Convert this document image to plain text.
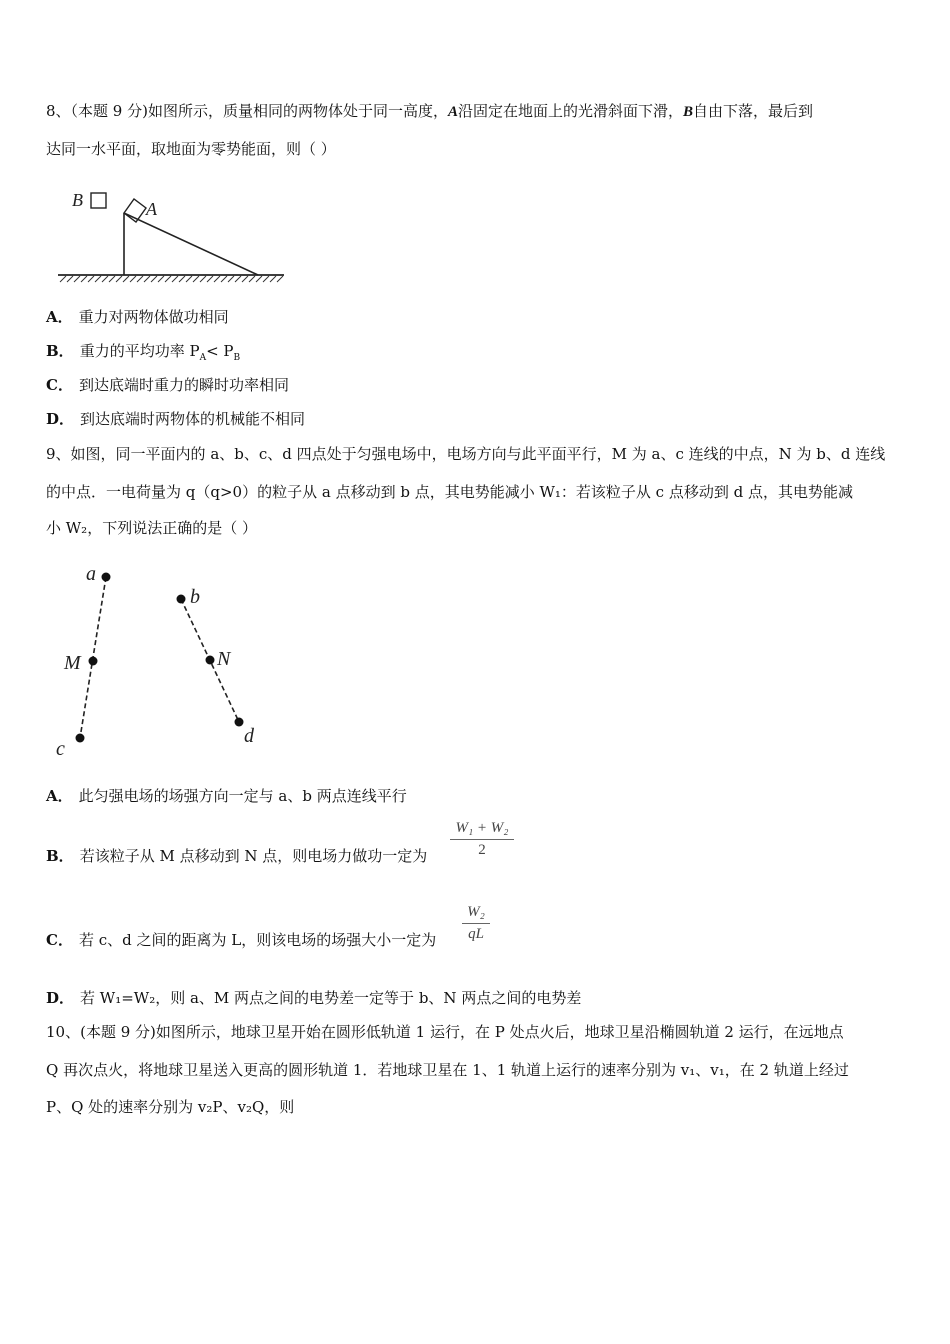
8、（本题 9 分)如图所示，质量相同的两物体处于同一高度，A沿固定在地面上的光滑斜面下滑，B自由下落，最后到
达同一水平面，取地面为零势能面，则（ ）
B	A
A． 重力对两物体做功相同
B． 重力的平均功率 $P_A< P_B$
C． 到达底端时重力的瞬时功率相同
D． 到达底端时两物体的机械能不相同
9、如图，同一平面内的 a、b、c、d 四点处于匀强电场中，电场方向与此平面平行，M 为 a、c 连线的中点，N 为 b、d 连线
的中点．一电荷量为 q（q>0）的粒子从 a 点移动到 b 点，其电势能减小 W₁：若该粒子从 c 点移动到 d 点，其电势能减
小 W₂，下列说法正确的是（ ）
a
b
M	N
c
d
A． 此匀强电场的场强方向一定与 a、b 两点连线平行
B． 若该粒子从 M 点移动到 N 点，则电场力做功一定为
W₁ + W₂
2
C． 若 c、d 之间的距离为 L，则该电场的场强大小一定为
W₂
qL
D． 若 W₁=W₂，则 a、M 两点之间的电势差一定等于 b、N 两点之间的电势差
10、(本题 9 分)如图所示，地球卫星开始在圆形低轨道 1 运行，在 P 处点火后，地球卫星沿椭圆轨道 2 运行，在远地点
Q 再次点火，将地球卫星送入更高的圆形轨道 1．若地球卫星在 1、1 轨道上运行的速率分别为 v₁、v₁，在 2 轨道上经过
P、Q 处的速率分别为 v₂P、v₂Q，则
